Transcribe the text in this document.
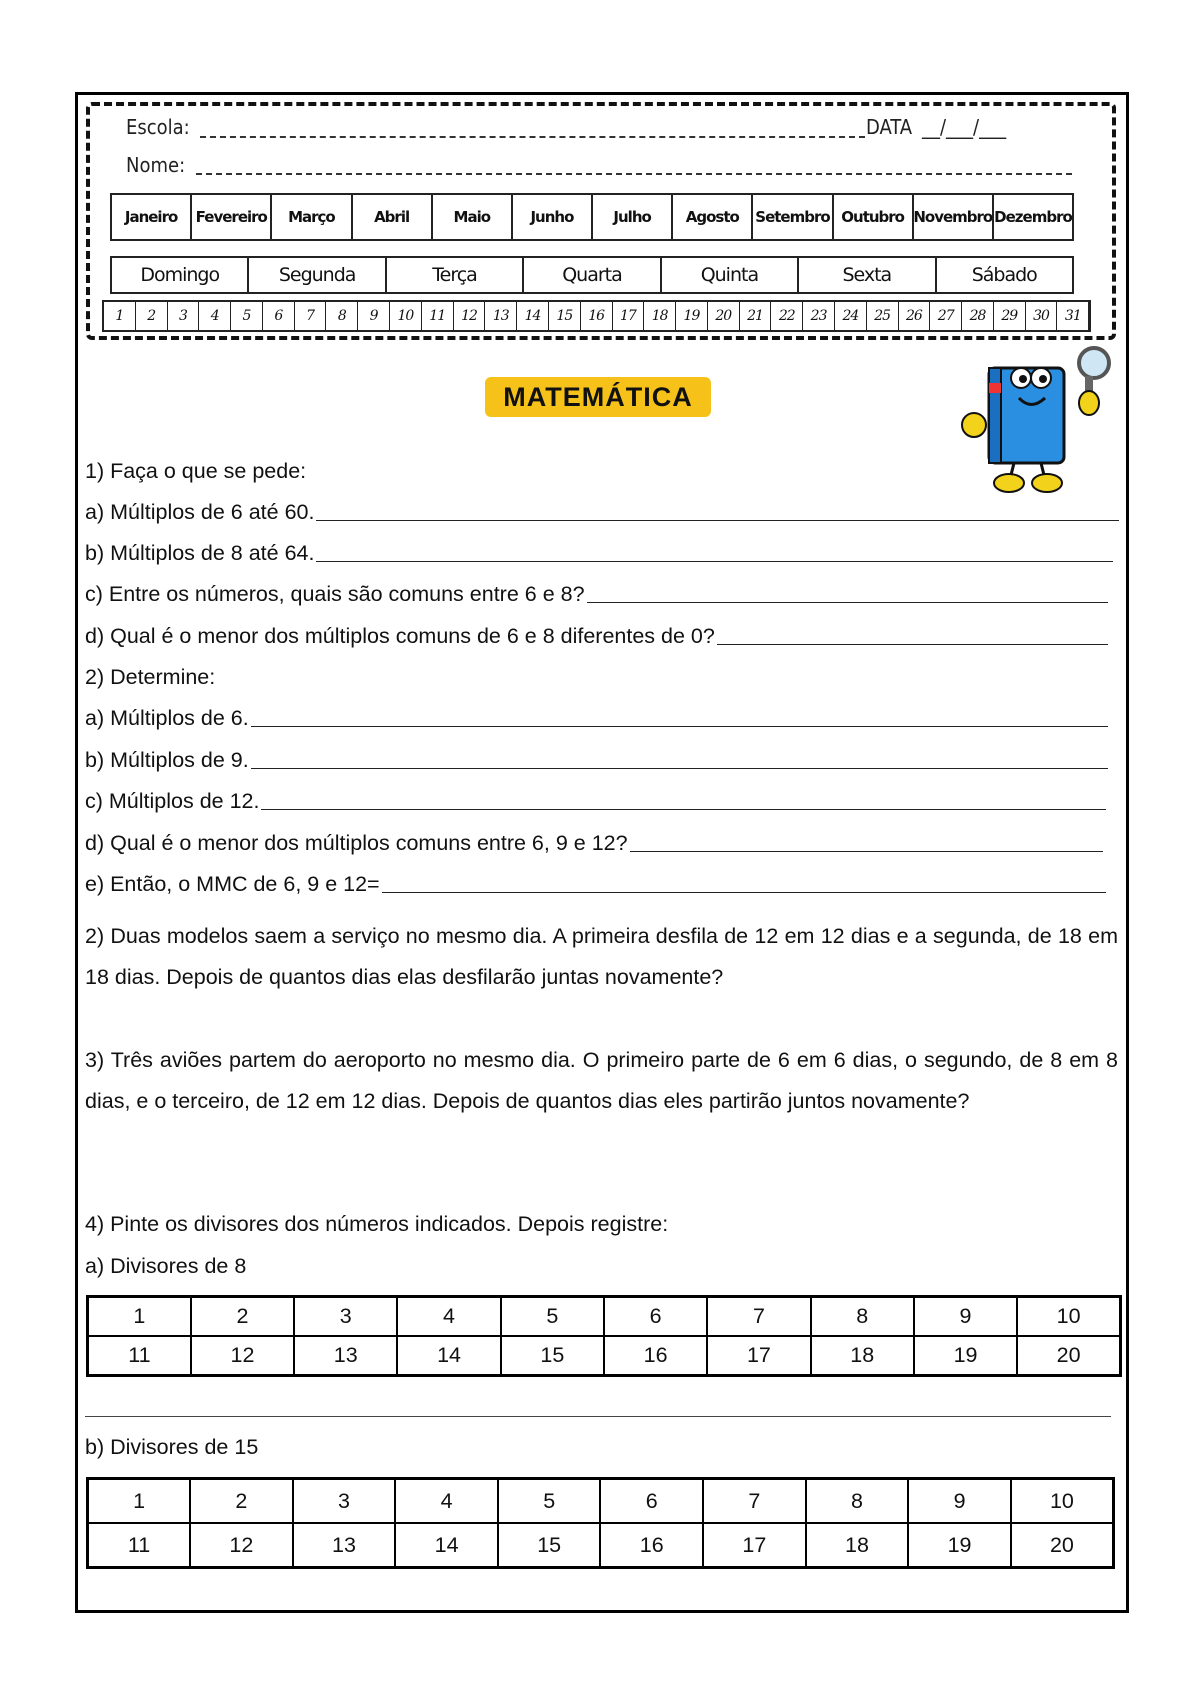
Escola:	DATA __/___/___
Nome:
Janeiro	Fevereiro	Março	Abril	Maio	Junho	Julho	Agosto	Setembro Outubro Novembro Dezembro
Domingo	Segunda	Terça	Quarta	Quinta	Sexta	Sábado
1	2	3	4	5	6	7	8	9	10	11	12	13	14	15	16	17	18	19	20	21	22	23	24	25	26	27	28	29	30	31
MATEMÁTICA
1) Faça o que se pede:
a) Múltiplos de 6 até 60.
b) Múltiplos de 8 até 64.
c) Entre os números, quais são comuns entre 6 e 8?
d) Qual é o menor dos múltiplos comuns de 6 e 8 diferentes de 0?
2) Determine:
a) Múltiplos de 6.
b) Múltiplos de 9.
c) Múltiplos de 12.
d) Qual é o menor dos múltiplos comuns entre 6, 9 e 12?
e) Então, o MMC de 6, 9 e 12=
2) Duas modelos saem a serviço no mesmo dia. A primeira desfila de 12 em 12 dias e a segunda, de 18 em 18 dias. Depois de quantos dias elas desfilarão juntas novamente?
3) Três aviões partem do aeroporto no mesmo dia. O primeiro parte de 6 em 6 dias, o segundo, de 8 em 8 dias, e o terceiro, de 12 em 12 dias. Depois de quantos dias eles partirão juntos novamente?
4) Pinte os divisores dos números indicados. Depois registre:
a) Divisores de 8
1	2	3	4	5	6	7	8	9	10
11	12	13	14	15	16	17	18	19	20
b) Divisores de 15
1	2	3	4	5	6	7	8	9	10
11	12	13	14	15	16	17	18	19	20
